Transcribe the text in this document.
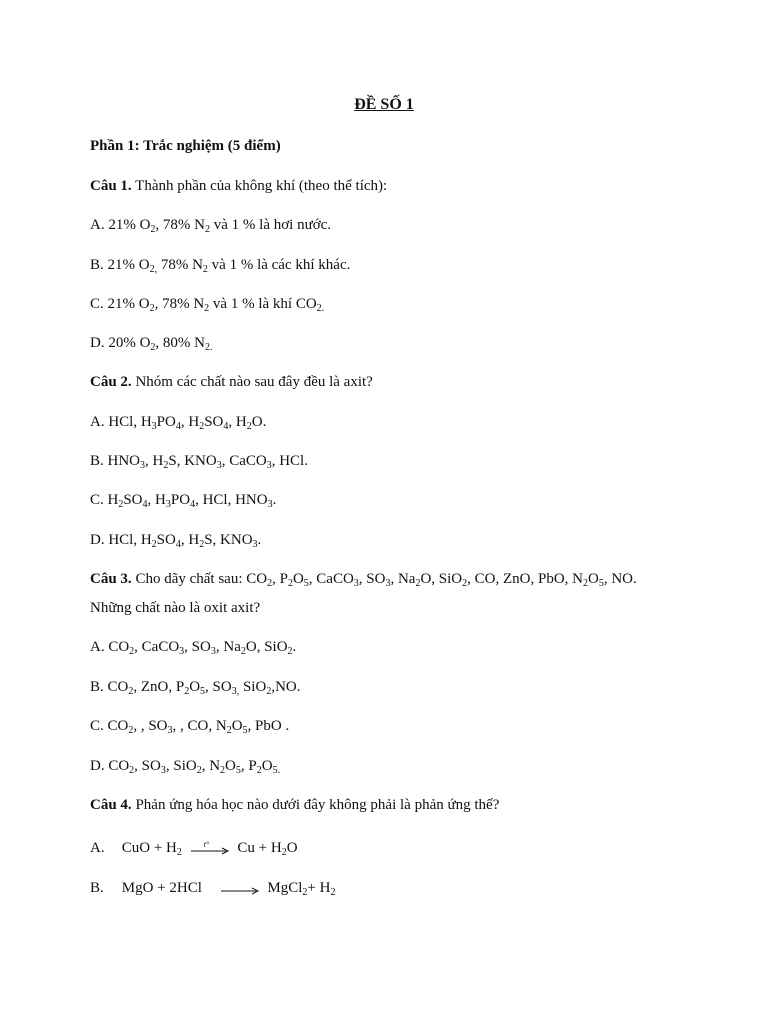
ĐỀ SỐ 1
Phần 1: Trắc nghiệm (5 điểm)
Câu 1. Thành phần của không khí (theo thể tích):
A. 21% $O_2$, 78% $N_2$ và 1 % là hơi nước.
B. 21% $O_{2,}$ 78% $N_2$ và 1 % là các khí khác.
C. 21% $O_2$, 78% $N_2$ và 1 % là khí $CO_{2.}$
D. 20% $O_2$, 80% $N_{2.}$
Câu 2. Nhóm các chất nào sau đây đều là axit?
A. HCl, $H_3PO_4$, $H_2SO_4$, $H_2O$.
B. $HNO_3$, $H_2S$, $KNO_3$, CaCO$_3$, HCl.
C. $H_2SO_4$, $H_3PO_4$, HCl, $HNO_3$.
D. HCl, $H_2SO_4$, $H_2S$, $KNO_3$.
Câu 3. Cho dãy chất sau: $CO_2$, $P_2O_5$, CaCO$_3$, $SO_3$, $Na_2O$, SiO$_2$, CO, ZnO, PbO, $N_2O_5$, NO.
Những chất nào là oxit axit?
A. $CO_2$, CaCO$_3$, $SO_3$, $Na_2O$, SiO$_2$.
B. $CO_2$, ZnO, $P_2O_5$, $SO_{3,}$ SiO$_2$,NO.
C. $CO_2$, , $SO_3$, , CO, $N_2O_5$, PbO .
D. $CO_2$, $SO_3$, SiO$_2$, $N_2O_5$, $P_2O_{5.}$
Câu 4. Phản ứng hóa học nào dưới đây không phải là phản ứng thế?
A. CuO + $H_2$
t° $Cu + H_2O$
B. MgO + 2HCl → MgCl$_2$+ $H_2$
